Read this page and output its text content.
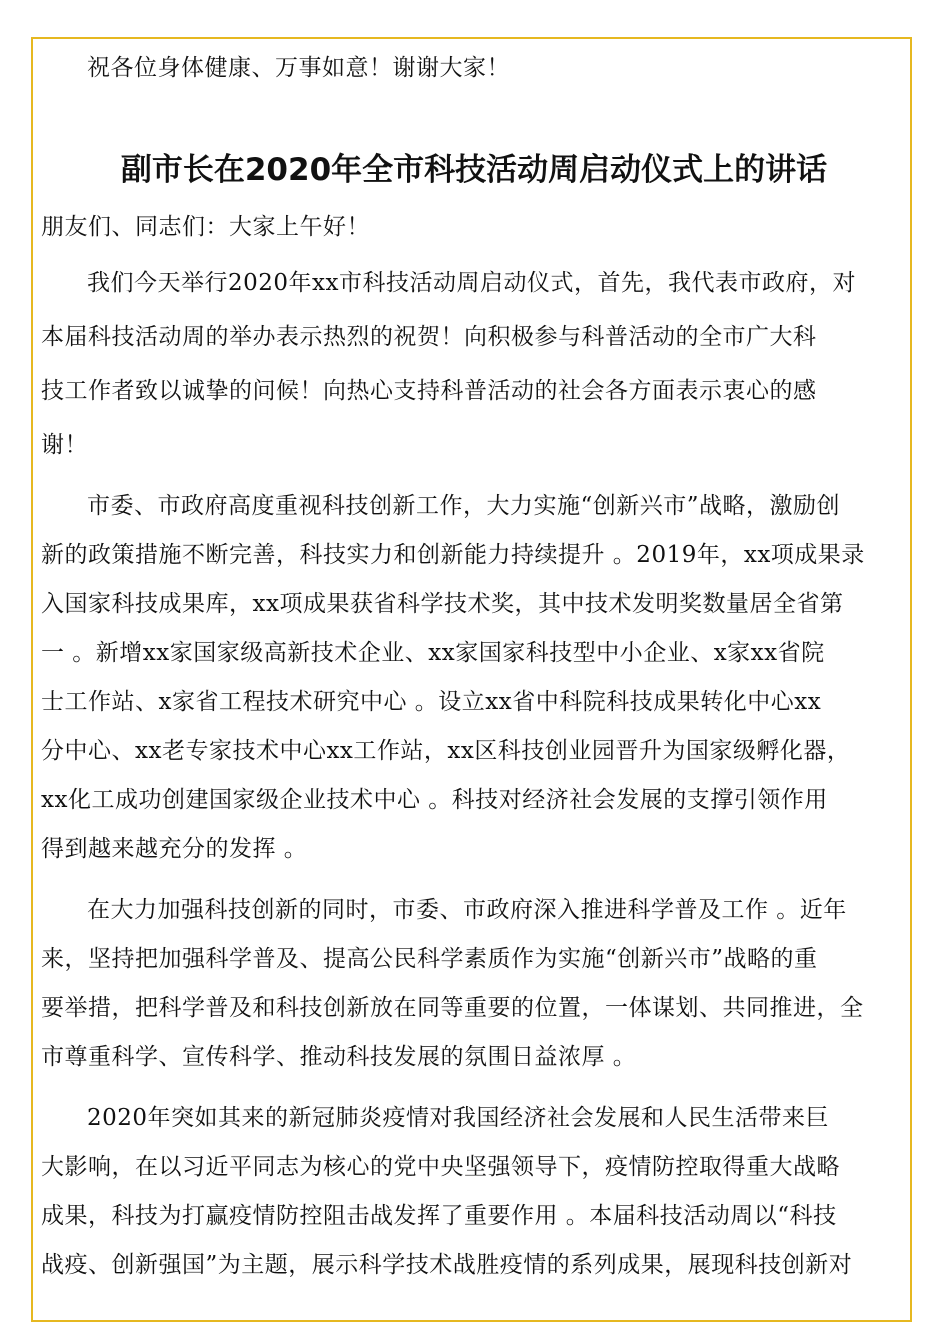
祝各位身体健康、万事如意！谢谢大家！

副市长在2020年全市科技活动周启动仪式上的讲话

朋友们、同志们：大家上午好！

我们今天举行2020年xx市科技活动周启动仪式，首先，我代表市政府，对

本届科技活动周的举办表示热烈的祝贺！向积极参与科普活动的全市广大科

技工作者致以诚挚的问候！向热心支持科普活动的社会各方面表示衷心的感

谢！

市委、市政府高度重视科技创新工作，大力实施“创新兴市”战略，激励创

新的政策措施不断完善，科技实力和创新能力持续提升 。2019年，xx项成果录

入国家科技成果库，xx项成果获省科学技术奖，其中技术发明奖数量居全省第

一 。新增xx家国家级高新技术企业、xx家国家科技型中小企业、x家xx省院

士工作站、x家省工程技术研究中心 。设立xx省中科院科技成果转化中心xx

分中心、xx老专家技术中心xx工作站，xx区科技创业园晋升为国家级孵化器，

xx化工成功创建国家级企业技术中心 。科技对经济社会发展的支撑引领作用

得到越来越充分的发挥 。

在大力加强科技创新的同时，市委、市政府深入推进科学普及工作 。近年

来，坚持把加强科学普及、提高公民科学素质作为实施“创新兴市”战略的重

要举措，把科学普及和科技创新放在同等重要的位置，一体谋划、共同推进，全

市尊重科学、宣传科学、推动科技发展的氛围日益浓厚 。

2020年突如其来的新冠肺炎疫情对我国经济社会发展和人民生活带来巨

大影响，在以习近平同志为核心的党中央坚强领导下，疫情防控取得重大战略

成果，科技为打赢疫情防控阻击战发挥了重要作用 。本届科技活动周以“科技

战疫、创新强国”为主题，展示科学技术战胜疫情的系列成果，展现科技创新对
